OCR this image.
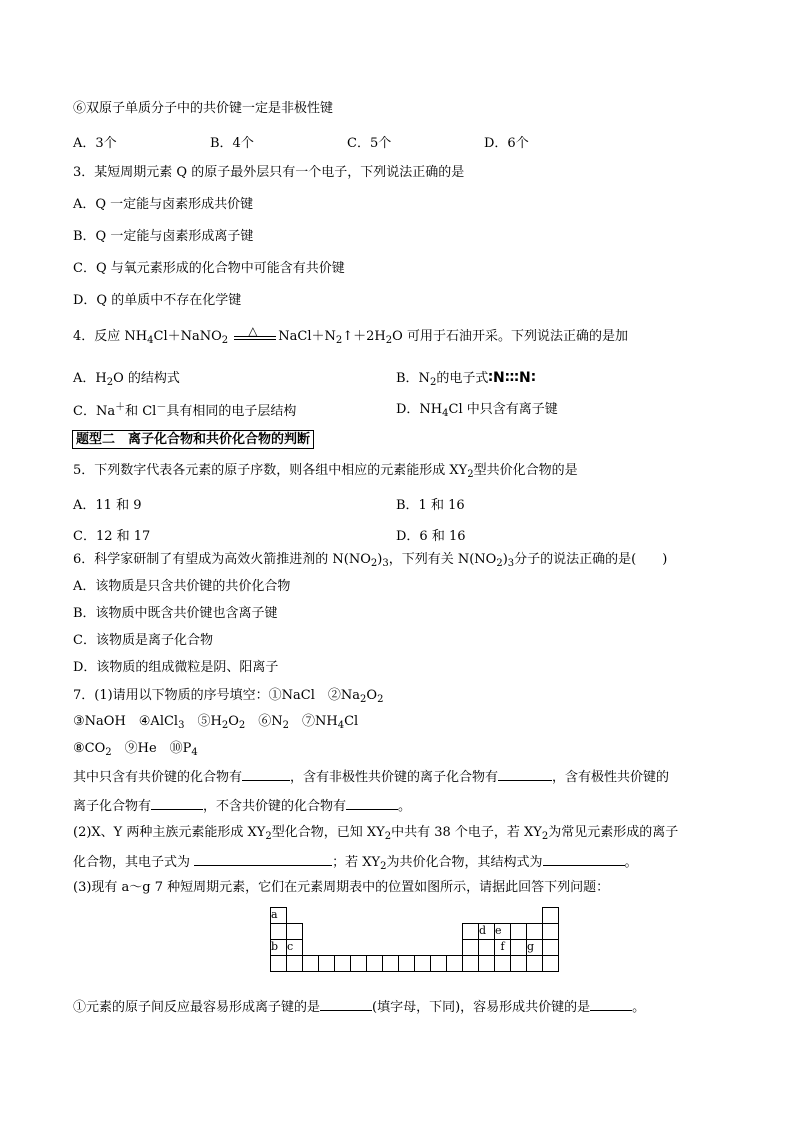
⑥双原子单质分子中的共价键一定是非极性键
A．3个	B．4个	C．5个	D．6个
3．某短周期元素 Q 的原子最外层只有一个电子，下列说法正确的是
A．Q 一定能与卤素形成共价键
B．Q 一定能与卤素形成离子键
C．Q 与氧元素形成的化合物中可能含有共价键
D．Q 的单质中不存在化学键
4．反应 $NH_4Cl+NaNO_2$
△ $NaCl+N_2↑+2H_2O$ 可用于石油开采。下列说法正确的是加
A．$H_2O$ 的结构式	B．$N_2$的电子式∶N∶∶∶N∶
C．Na＋和 Cl－具有相同的电子层结构	D．$NH_4Cl$ 中只含有离子键
题型二　离子化合物和共价化合物的判断
5．下列数字代表各元素的原子序数，则各组中相应的元素能形成 $XY_2$型共价化合物的是
A．11 和 9	B．1 和 16
C．12 和 17	D．6 和 16
6．科学家研制了有望成为高效火箭推进剂的 $N(NO_2)_3$，下列有关 $N(NO_2)_3$分子的说法正确的是(　　)
A．该物质是只含共价键的共价化合物
B．该物质中既含共价键也含离子键
C．该物质是离子化合物
D．该物质的组成微粒是阴、阳离子
7．(1)请用以下物质的序号填空：①NaCl　$②Na_2O_2$
③NaOH　④AlCl$_3$　$⑤H_2O_2$　$⑥N_2$　$⑦NH_4Cl$
$⑧CO_2$　⑨He　$⑩P_4$
其中只含有共价键的化合物有	，含有非极性共价键的离子化合物有	，含有极性共价键的
离子化合物有	，不含共价键的化合物有	。
(2)X、Y 两种主族元素能形成 $XY_2$型化合物，已知 $XY_2$中共有 38 个电子，若 $XY_2$为常见元素形成的离子
化合物，其电子式为	；若 $XY_2$为共价化合物，其结构式为	。
(3)现有 a～g 7 种短周期元素，它们在元素周期表中的位置如图所示，请据此回答下列问题：
a																	
													d	e			
b	c													f		g	

①元素的原子间反应最容易形成离子键的是	(填字母，下同)，容易形成共价键的是	。
